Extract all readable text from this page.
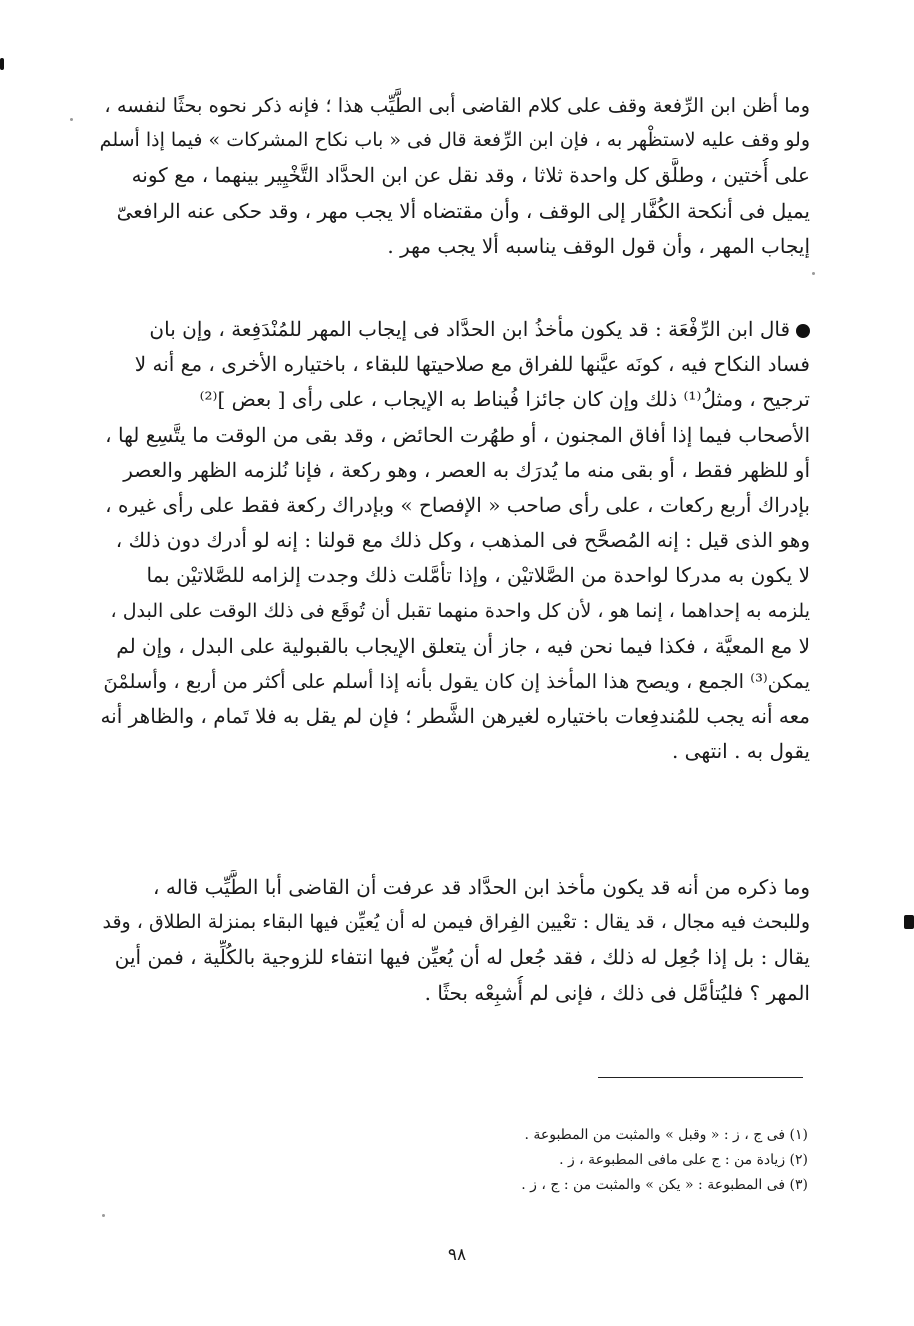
وما أظن ابن الرِّفعة وقف على كلام القاضى أبى الطَّيِّب هذا ؛ فإنه ذكر نحوه بحثًا لنفسه ،
ولو وقف عليه لاستظْهر به ، فإن ابن الرِّفعة قال فى « باب نكاح المشركات » فيما إذا أسلم
على أُختين ، وطلَّق كل واحدة ثلاثا ، وقد نقل عن ابن الحدَّاد التَّخْيِير بينهما ، مع كونه
يميل فى أنكحة الكُفَّار إلى الوقف ، وأن مقتضاه ألا يجب مهر ، وقد حكى عنه الرافعىّ
إيجاب المهر ، وأن قول الوقف يناسبه ألا يجب مهر .
قال ابن الرِّفْعَة : قد يكون مأخذُ ابن الحدَّاد فى إيجاب المهر للمُنْدَفِعة ، وإن بان
فساد النكاح فيه ، كونَه عيَّنها للفراق مع صلاحيتها للبقاء ، باختياره الأخرى ، مع أنه لا
ترجيح ، ومثلُ⁽¹⁾ ذلك وإن كان جائزا فُيناط به الإيجاب ، على رأى [ بعض ]⁽²⁾
الأصحاب فيما إذا أفاق المجنون ، أو طهُرت الحائض ، وقد بقى من الوقت ما يتَّسِع لها ،
أو للظهر فقط ، أو بقى منه ما يُدرَك به العصر ، وهو ركعة ، فإنا نُلزمه الظهر والعصر
بإدراك أربع ركعات ، على رأى صاحب « الإفصاح » وبإدراك ركعة فقط على رأى غيره ،
وهو الذى قيل : إنه المُصحَّح فى المذهب ، وكل ذلك مع قولنا : إنه لو أدرك دون ذلك ،
لا يكون به مدركا لواحدة من الصَّلاتيْن ، وإذا تأمَّلت ذلك وجدت إلزامه للصَّلاتيْن بما
يلزمه به إحداهما ، إنما هو ، لأن كل واحدة منهما تقبل أن تُوقَع فى ذلك الوقت على البدل ،
لا مع المعيَّة ، فكذا فيما نحن فيه ، جاز أن يتعلق الإيجاب بالقبولية على البدل ، وإن لم
يمكن⁽³⁾ الجمع ، ويصح هذا المأخذ إن كان يقول بأنه إذا أسلم على أكثر من أربع ، وأسلمْنَ
معه أنه يجب للمُندفِعات باختياره لغيرهن الشَّطر ؛ فإن لم يقل به فلا تَمام ، والظاهر أنه
يقول به . انتهى .
وما ذكره من أنه قد يكون مأخذ ابن الحدَّاد قد عرفت أن القاضى أبا الطَّيِّب قاله ،
وللبحث فيه مجال ، قد يقال : تعْيين الفِراق فيمن له أن يُعيِّن فيها البقاء بمنزلة الطلاق ، وقد
يقال : بل إذا جُعِل له ذلك ، فقد جُعل له أن يُعيِّن فيها انتفاء للزوجية بالكُلِّية ، فمن أين
المهر ؟ فليُتأمَّل فى ذلك ، فإنى لم أُشبِعْه بحثًا .
(١) فى ج ، ز : « وقبل » والمثبت من المطبوعة .
(٢) زيادة من : ج على مافى المطبوعة ، ز .
(٣) فى المطبوعة : « يكن » والمثبت من : ج ، ز .
٩٨
